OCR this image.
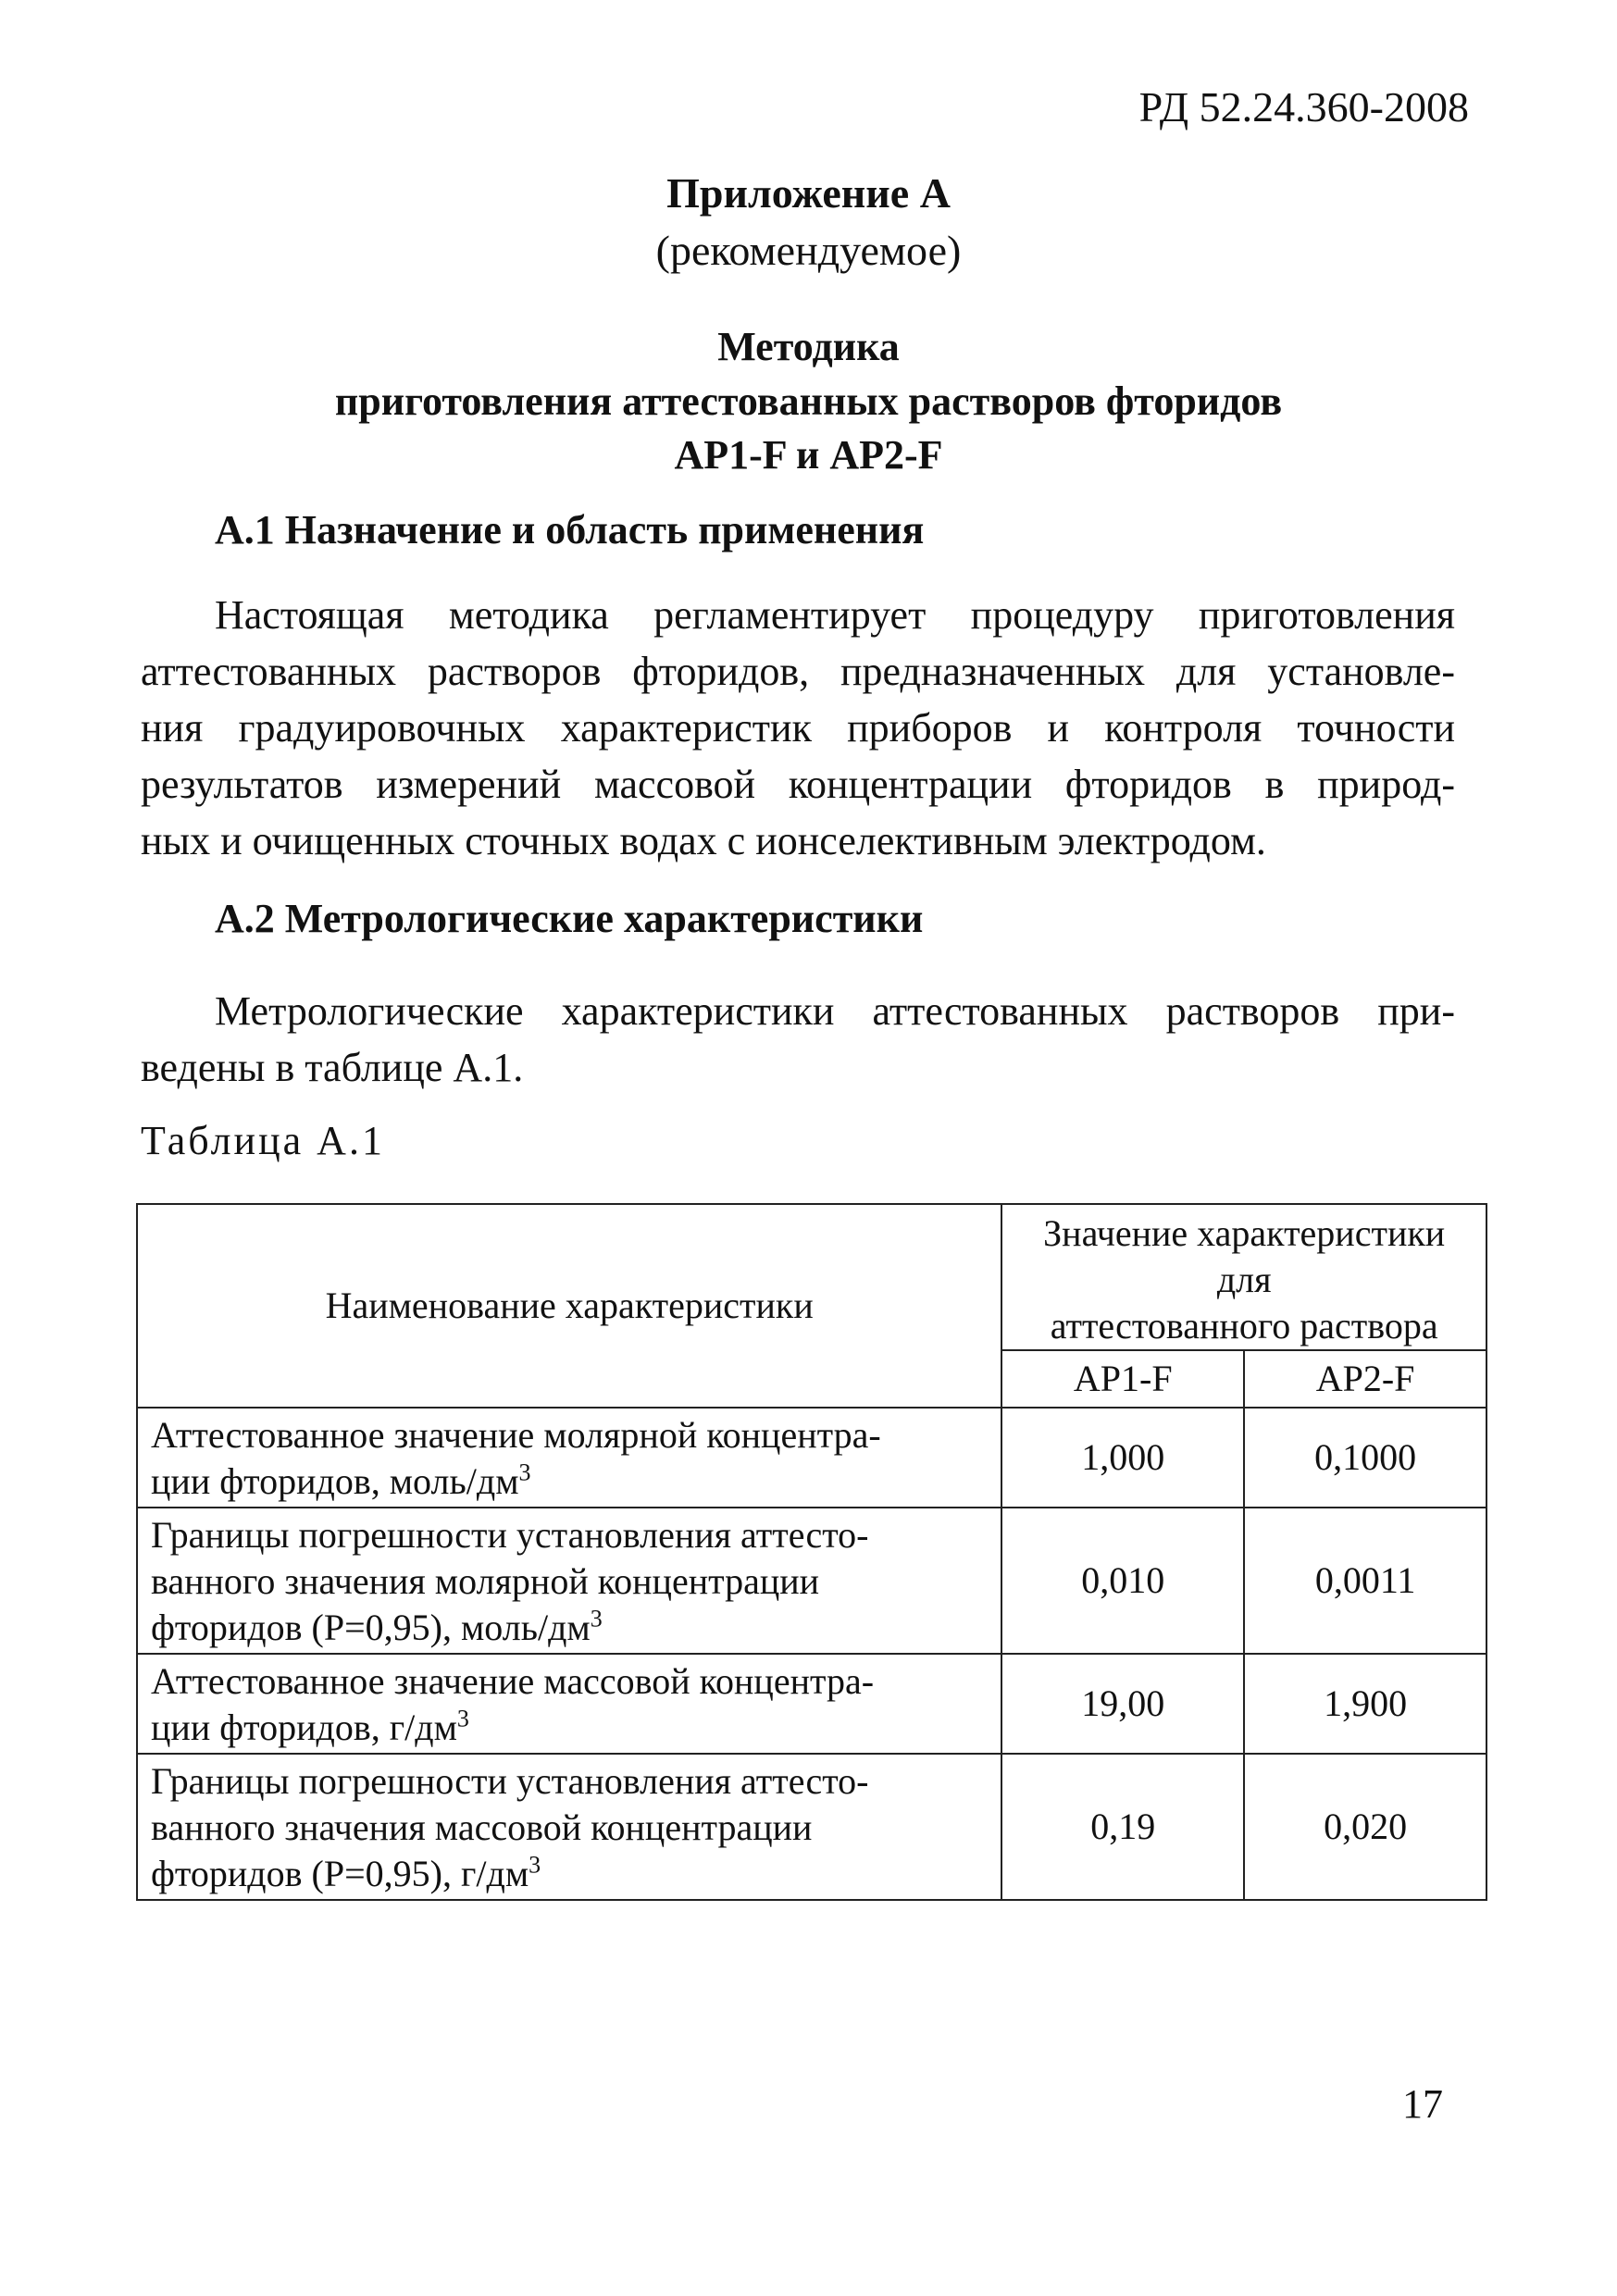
РД 52.24.360-2008
Приложение А
(рекомендуемое)
Методика
приготовления аттестованных растворов фторидов
AP1-F и АР2-F
А.1 Назначение и область применения
Настоящая методика регламентирует процедуру приготовления
аттестованных растворов фторидов, предназначенных для установле-
ния градуировочных характеристик приборов и контроля точности
результатов измерений массовой концентрации фторидов в природ-
ных и очищенных сточных водах с ионселективным электродом.
А.2 Метрологические характеристики
Метрологические характеристики аттестованных растворов при-
ведены в таблице А.1.
Таблица А.1
Наименование характеристики	Значение характеристики
для
аттестованного раствора	

	АР1-F	АР2-F

Аттестованное значение молярной концентра-
ции фторидов, моль/$дм^3$	1,000	0,1000

Границы погрешности установления аттесто-
ванного значения молярной концентрации
фторидов (Р=0,95), моль/$дм^3$	0,010	0,0011

Аттестованное значение массовой концентра-
ции фторидов, $г/дм^3$	19,00	1,900

Границы погрешности установления аттесто-
ванного значения массовой концентрации
фторидов (Р=0,95), $г/дм^3$	0,19	0,020
17
